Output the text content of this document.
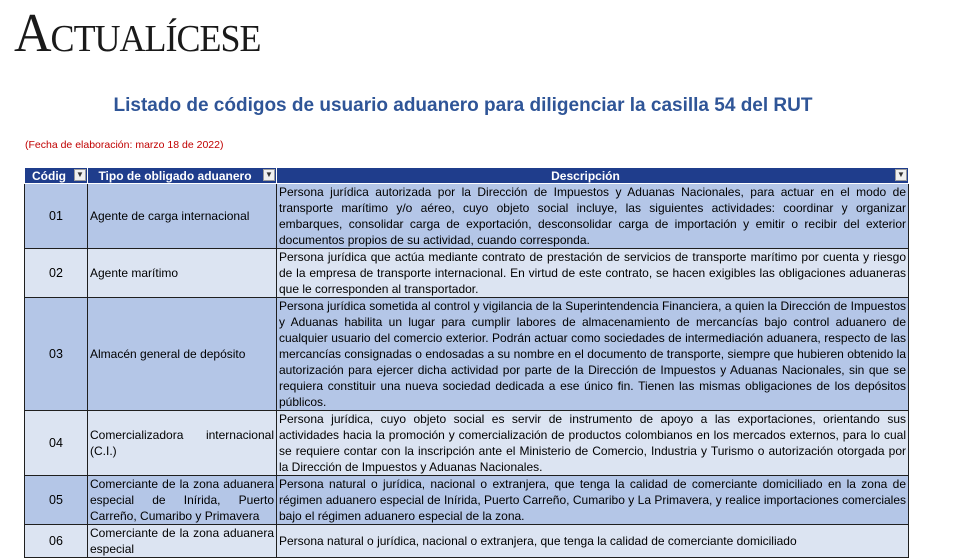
Actualícese
Listado de códigos de usuario aduanero para diligenciar la casilla 54 del RUT
(Fecha de elaboración: marzo 18 de 2022)
Códig ▼	Tipo de obligado aduanero ▼	Descripción ▼

01	Agente de carga internacional	Persona jurídica autorizada por la Dirección de Impuestos y Aduanas Nacionales, para actuar en el modo de transporte marítimo y/o aéreo, cuyo objeto social incluye, las siguientes actividades: coordinar y organizar embarques, consolidar carga de exportación, desconsolidar carga de importación y emitir o recibir del exterior documentos propios de su actividad, cuando corresponda.
02	Agente marítimo	Persona jurídica que actúa mediante contrato de prestación de servicios de transporte marítimo por cuenta y riesgo de la empresa de transporte internacional. En virtud de este contrato, se hacen exigibles las obligaciones aduaneras que le corresponden al transportador.
03	Almacén general de depósito	Persona jurídica sometida al control y vigilancia de la Superintendencia Financiera, a quien la Dirección de Impuestos y Aduanas habilita un lugar para cumplir labores de almacenamiento de mercancías bajo control aduanero de cualquier usuario del comercio exterior. Podrán actuar como sociedades de intermediación aduanera, respecto de las mercancías consignadas o endosadas a su nombre en el documento de transporte, siempre que hubieren obtenido la autorización para ejercer dicha actividad por parte de la Dirección de Impuestos y Aduanas Nacionales, sin que se requiera constituir una nueva sociedad dedicada a ese único fin. Tienen las mismas obligaciones de los depósitos públicos.
04	Comercializadora internacional (C.I.)	Persona jurídica, cuyo objeto social es servir de instrumento de apoyo a las exportaciones, orientando sus actividades hacia la promoción y comercialización de productos colombianos en los mercados externos, para lo cual se requiere contar con la inscripción ante el Ministerio de Comercio, Industria y Turismo o autorización otorgada por la Dirección de Impuestos y Aduanas Nacionales.
05	Comerciante de la zona aduanera especial de Inírida, Puerto Carreño, Cumaribo y Primavera	Persona natural o jurídica, nacional o extranjera, que tenga la calidad de comerciante domiciliado en la zona de régimen aduanero especial de Inírida, Puerto Carreño, Cumaribo y La Primavera, y realice importaciones comerciales bajo el régimen aduanero especial de la zona.
06	Comerciante de la zona aduanera especial	Persona natural o jurídica, nacional o extranjera, que tenga la calidad de comerciante domiciliado
